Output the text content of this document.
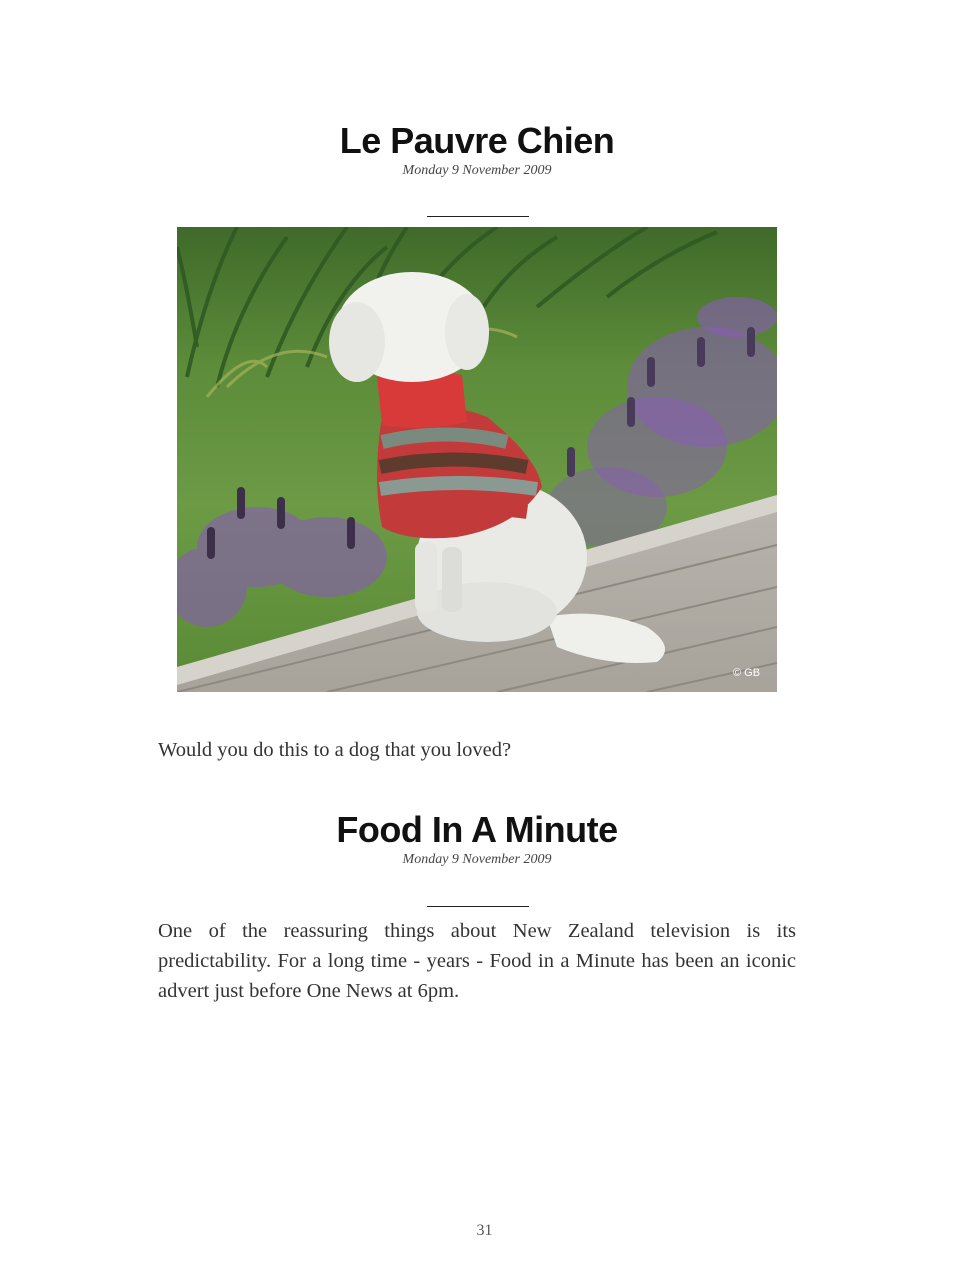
Le Pauvre Chien
Monday 9 November 2009
© GB

Would you do this to a dog that you loved?

Food In A Minute
Monday 9 November 2009

One of the reassuring things about New Zealand television is its predictability. For a long time - years - Food in a Minute has been an iconic advert just before One News at 6pm.

31
